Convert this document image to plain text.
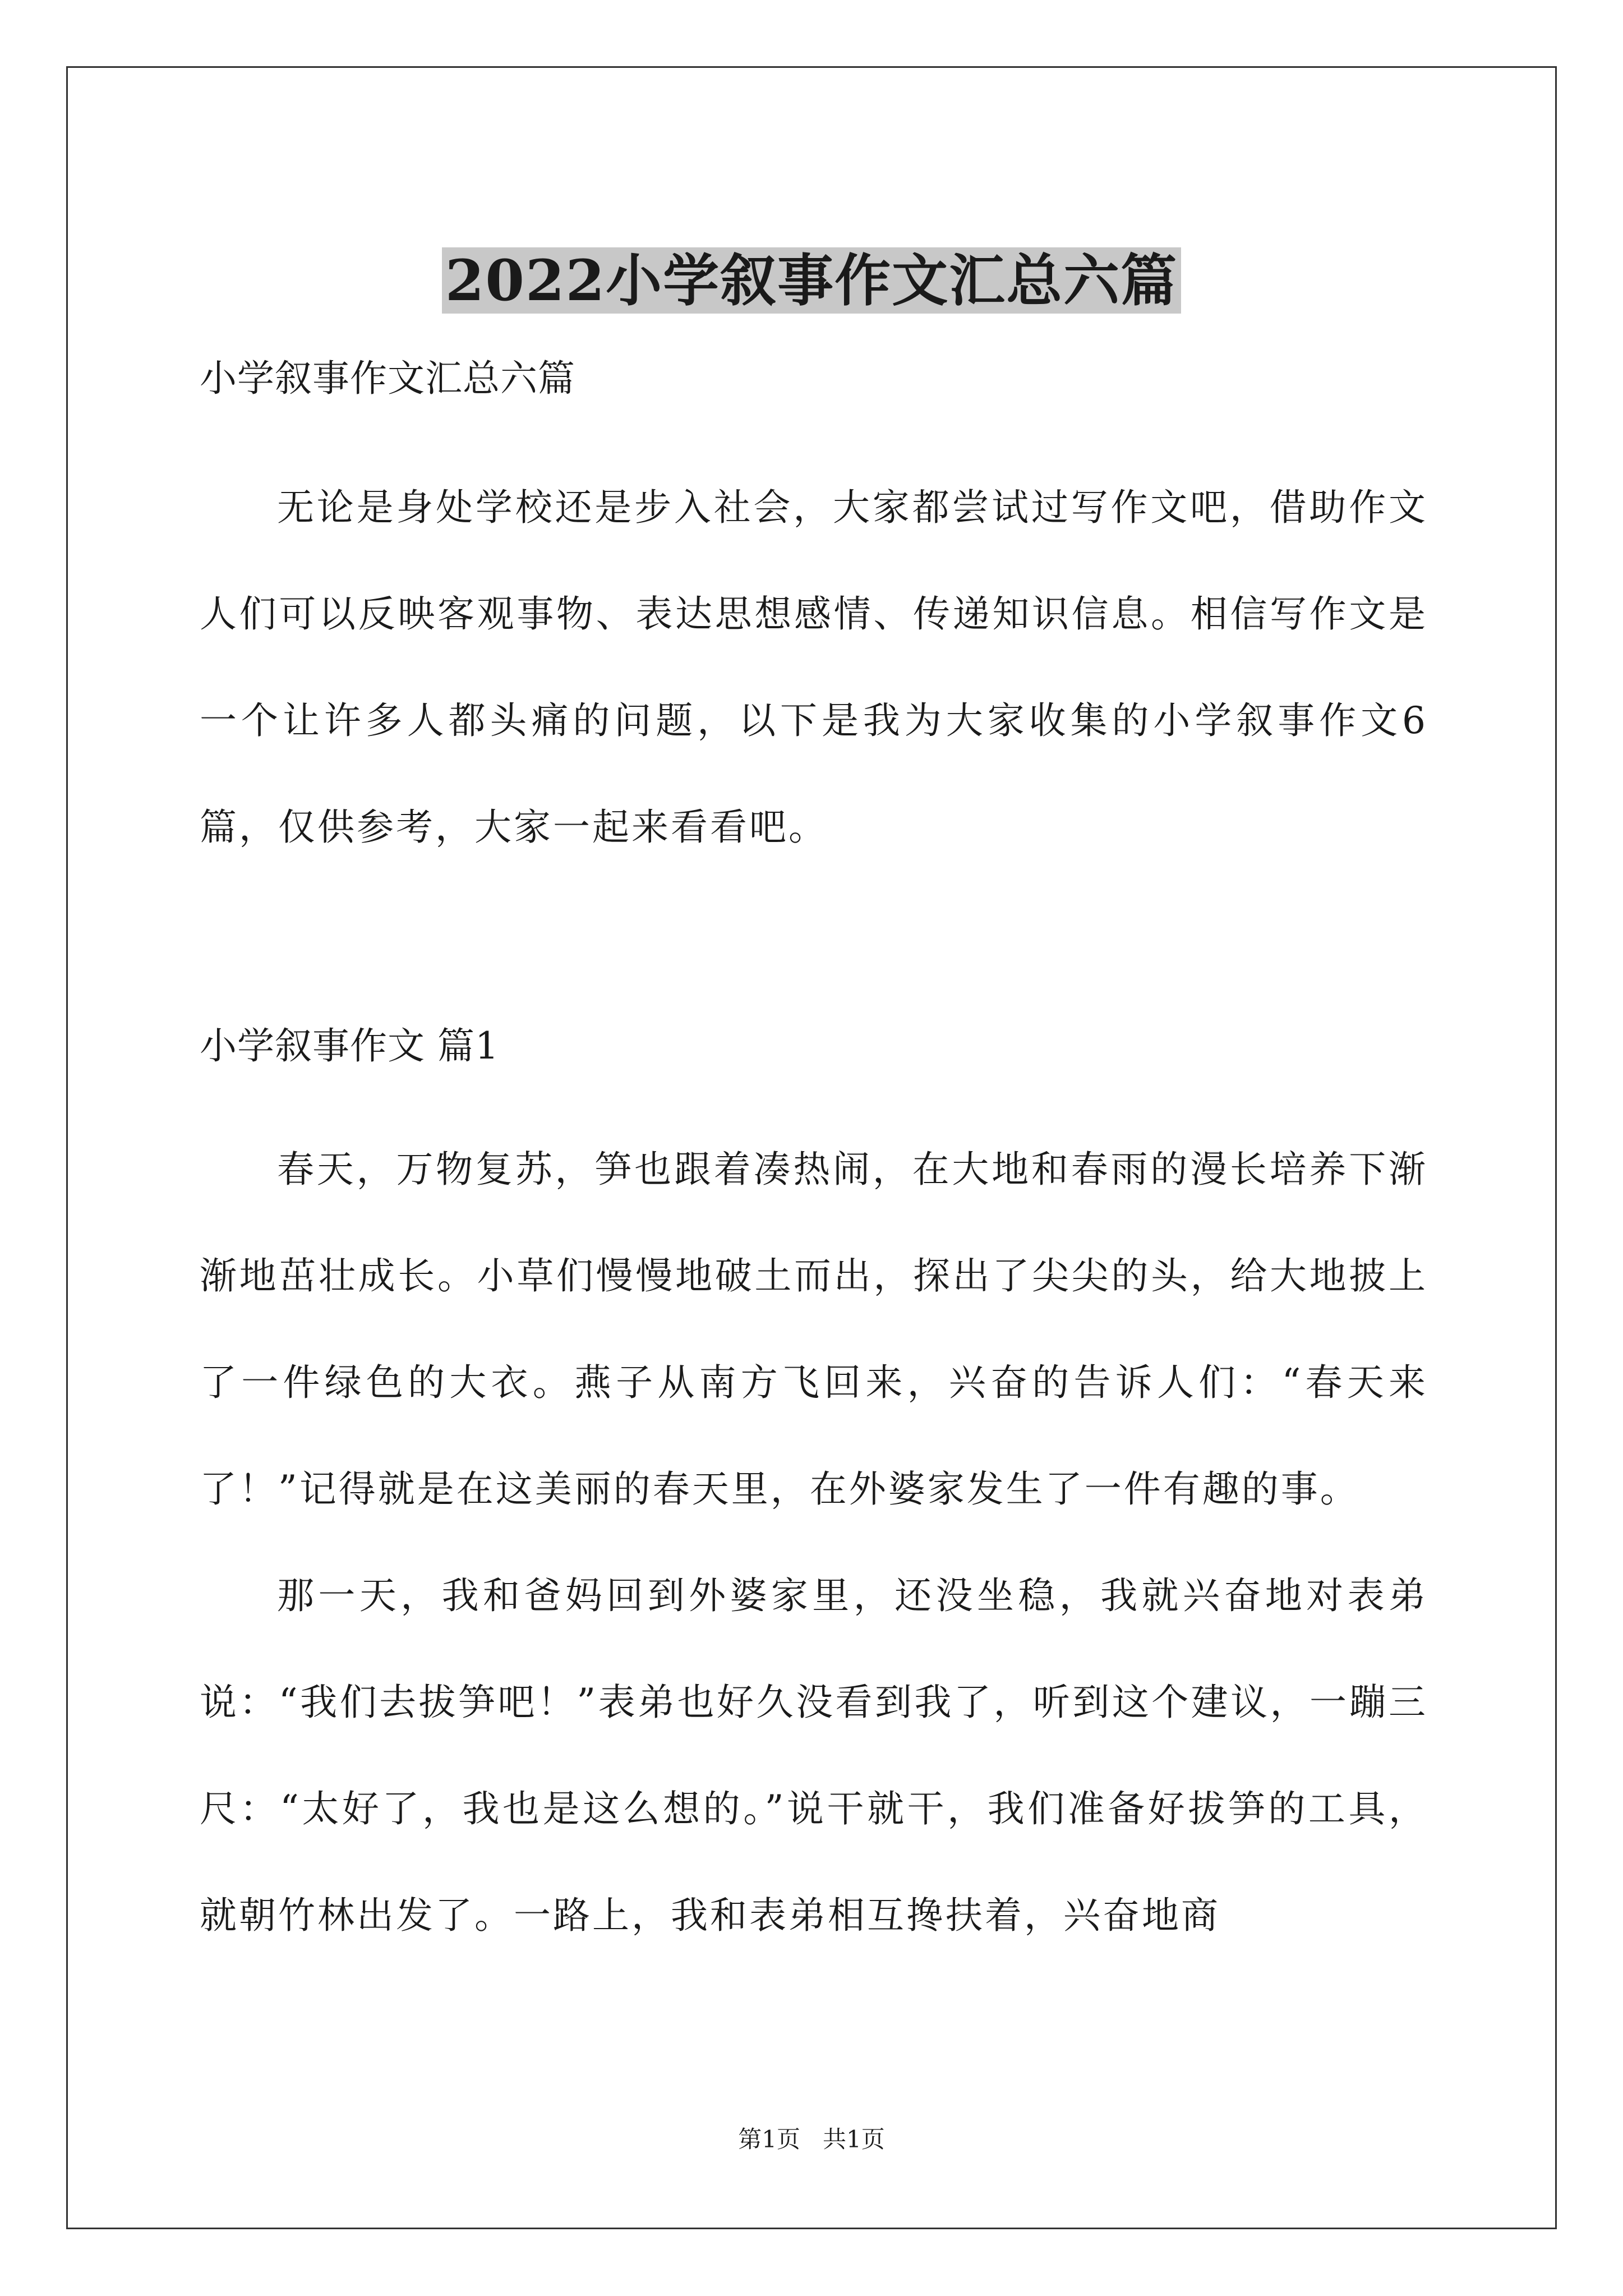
2022小学叙事作文汇总六篇

小学叙事作文汇总六篇

无论是身处学校还是步入社会，大家都尝试过写作文吧，借助作文人们可以反映客观事物、表达思想感情、传递知识信息。相信写作文是一个让许多人都头痛的问题，以下是我为大家收集的小学叙事作文6篇，仅供参考，大家一起来看看吧。

小学叙事作文 篇1

春天，万物复苏，笋也跟着凑热闹，在大地和春雨的漫长培养下渐渐地茁壮成长。小草们慢慢地破土而出，探出了尖尖的头，给大地披上了一件绿色的大衣。燕子从南方飞回来，兴奋的告诉人们：“春天来了！”记得就是在这美丽的春天里，在外婆家发生了一件有趣的事。

那一天，我和爸妈回到外婆家里，还没坐稳，我就兴奋地对表弟说：“我们去拔笋吧！”表弟也好久没看到我了，听到这个建议，一蹦三尺：“太好了，我也是这么想的。”说干就干，我们准备好拔笋的工具，就朝竹林出发了。一路上，我和表弟相互搀扶着，兴奋地商

第1页   共1页
